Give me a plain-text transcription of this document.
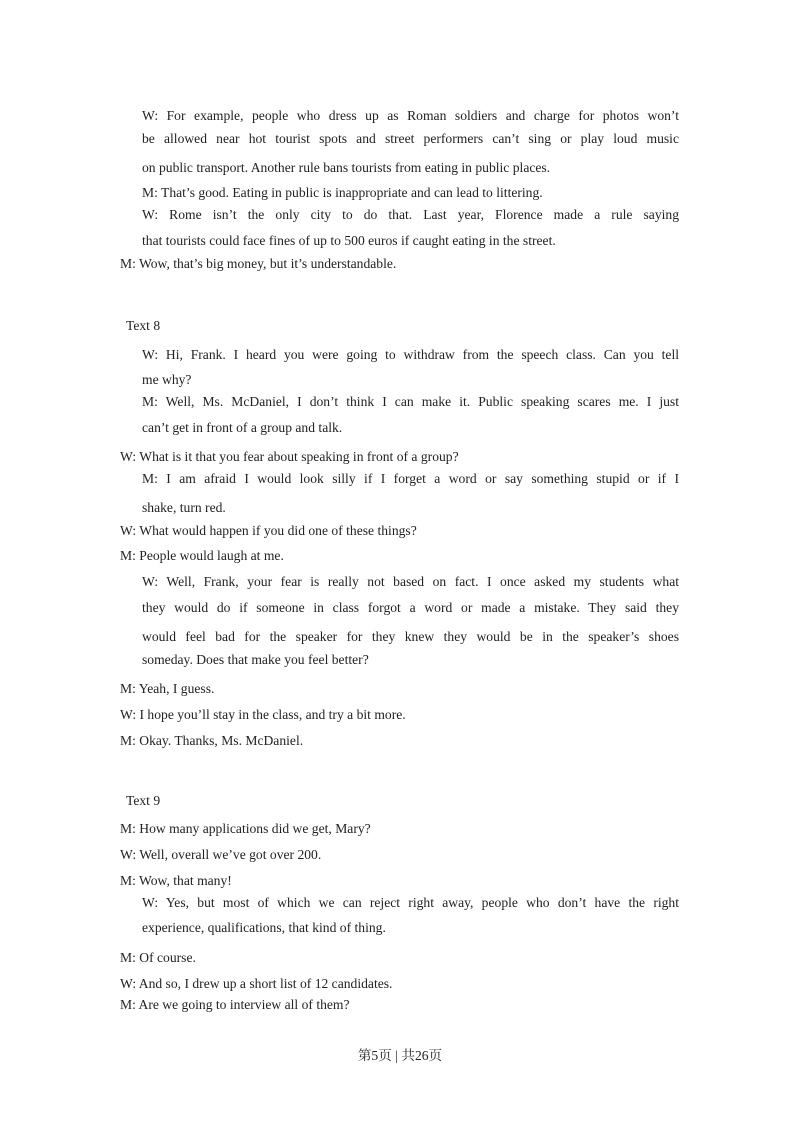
W: For example, people who dress up as Roman soldiers and charge for photos won’t
be allowed near hot tourist spots and street performers can’t sing or play loud music
on public transport. Another rule bans tourists from eating in public places.
M: That’s good. Eating in public is inappropriate and can lead to littering.
W: Rome isn’t the only city to do that. Last year, Florence made a rule saying
that tourists could face fines of up to 500 euros if caught eating in the street.
M: Wow, that’s big money, but it’s understandable.
Text 8
W: Hi, Frank. I heard you were going to withdraw from the speech class. Can you tell
me why?
M: Well, Ms. McDaniel, I don’t think I can make it. Public speaking scares me. I just
can’t get in front of a group and talk.
W: What is it that you fear about speaking in front of a group?
M: I am afraid I would look silly if I forget a word or say something stupid or if I
shake, turn red.
W: What would happen if you did one of these things?
M: People would laugh at me.
W: Well, Frank, your fear is really not based on fact. I once asked my students what
they would do if someone in class forgot a word or made a mistake. They said they
would feel bad for the speaker for they knew they would be in the speaker’s shoes
someday. Does that make you feel better?
M: Yeah, I guess.
W: I hope you’ll stay in the class, and try a bit more.
M: Okay. Thanks, Ms. McDaniel.
Text 9
M: How many applications did we get, Mary?
W: Well, overall we’ve got over 200.
M: Wow, that many!
W: Yes, but most of which we can reject right away, people who don’t have the right
experience, qualifications, that kind of thing.
M: Of course.
W: And so, I drew up a short list of 12 candidates.
M: Are we going to interview all of them?
第5页 | 共26页
